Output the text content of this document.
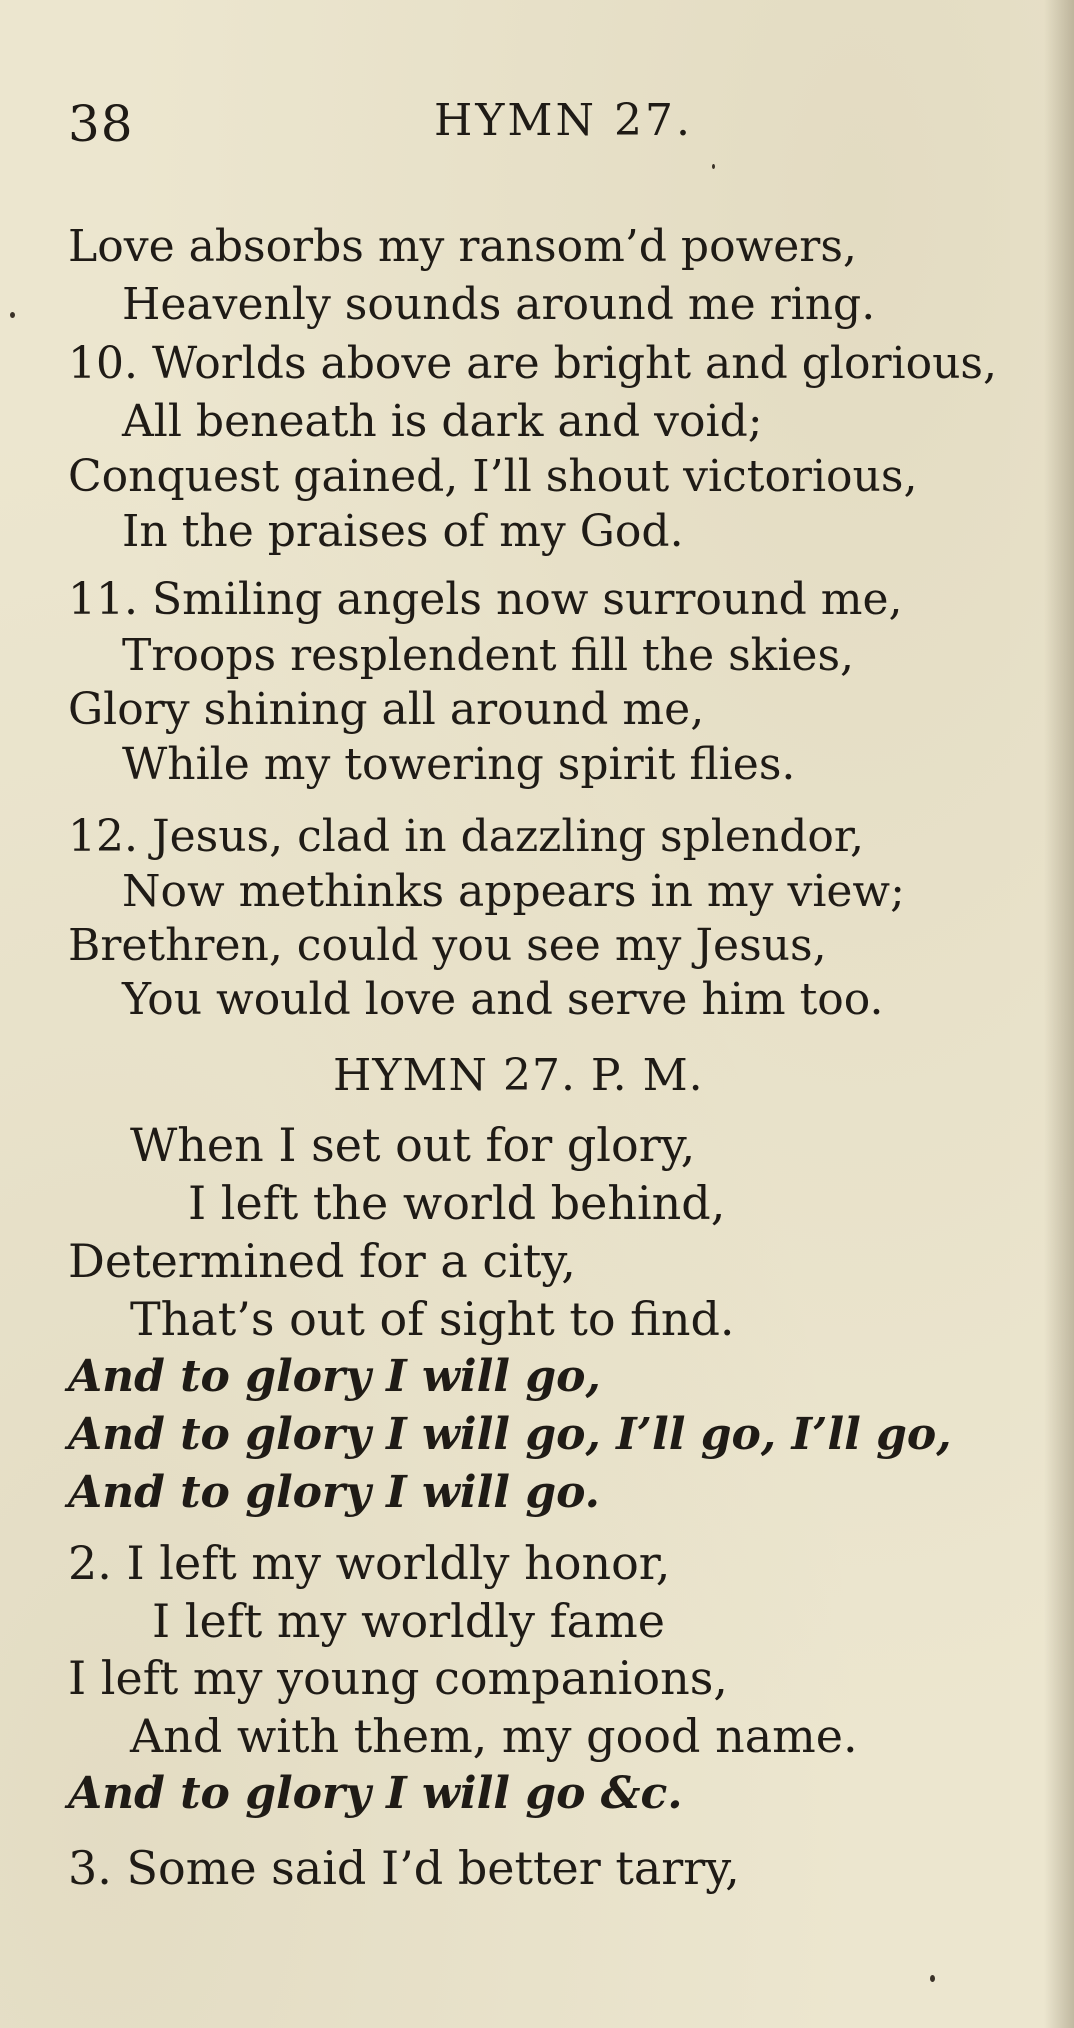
38	HYMN 27.
Love absorbs my ransom’d powers,
Heavenly sounds around me ring.
10. Worlds above are bright and glorious,
All beneath is dark and void;
Conquest gained, I’ll shout victorious,
In the praises of my God.
11. Smiling angels now surround me,
Troops resplendent fill the skies,
Glory shining all around me,
While my towering spirit flies.
12. Jesus, clad in dazzling splendor,
Now methinks appears in my view;
Brethren, could you see my Jesus,
You would love and serve him too.
HYMN 27. P. M.
When I set out for glory,
I left the world behind,
Determined for a city,
That’s out of sight to find.
And to glory I will go,
And to glory I will go, I’ll go, I’ll go,
And to glory I will go.
2. I left my worldly honor,
I left my worldly fame
I left my young companions,
And with them, my good name.
And to glory I will go &c.
3. Some said I’d better tarry,
